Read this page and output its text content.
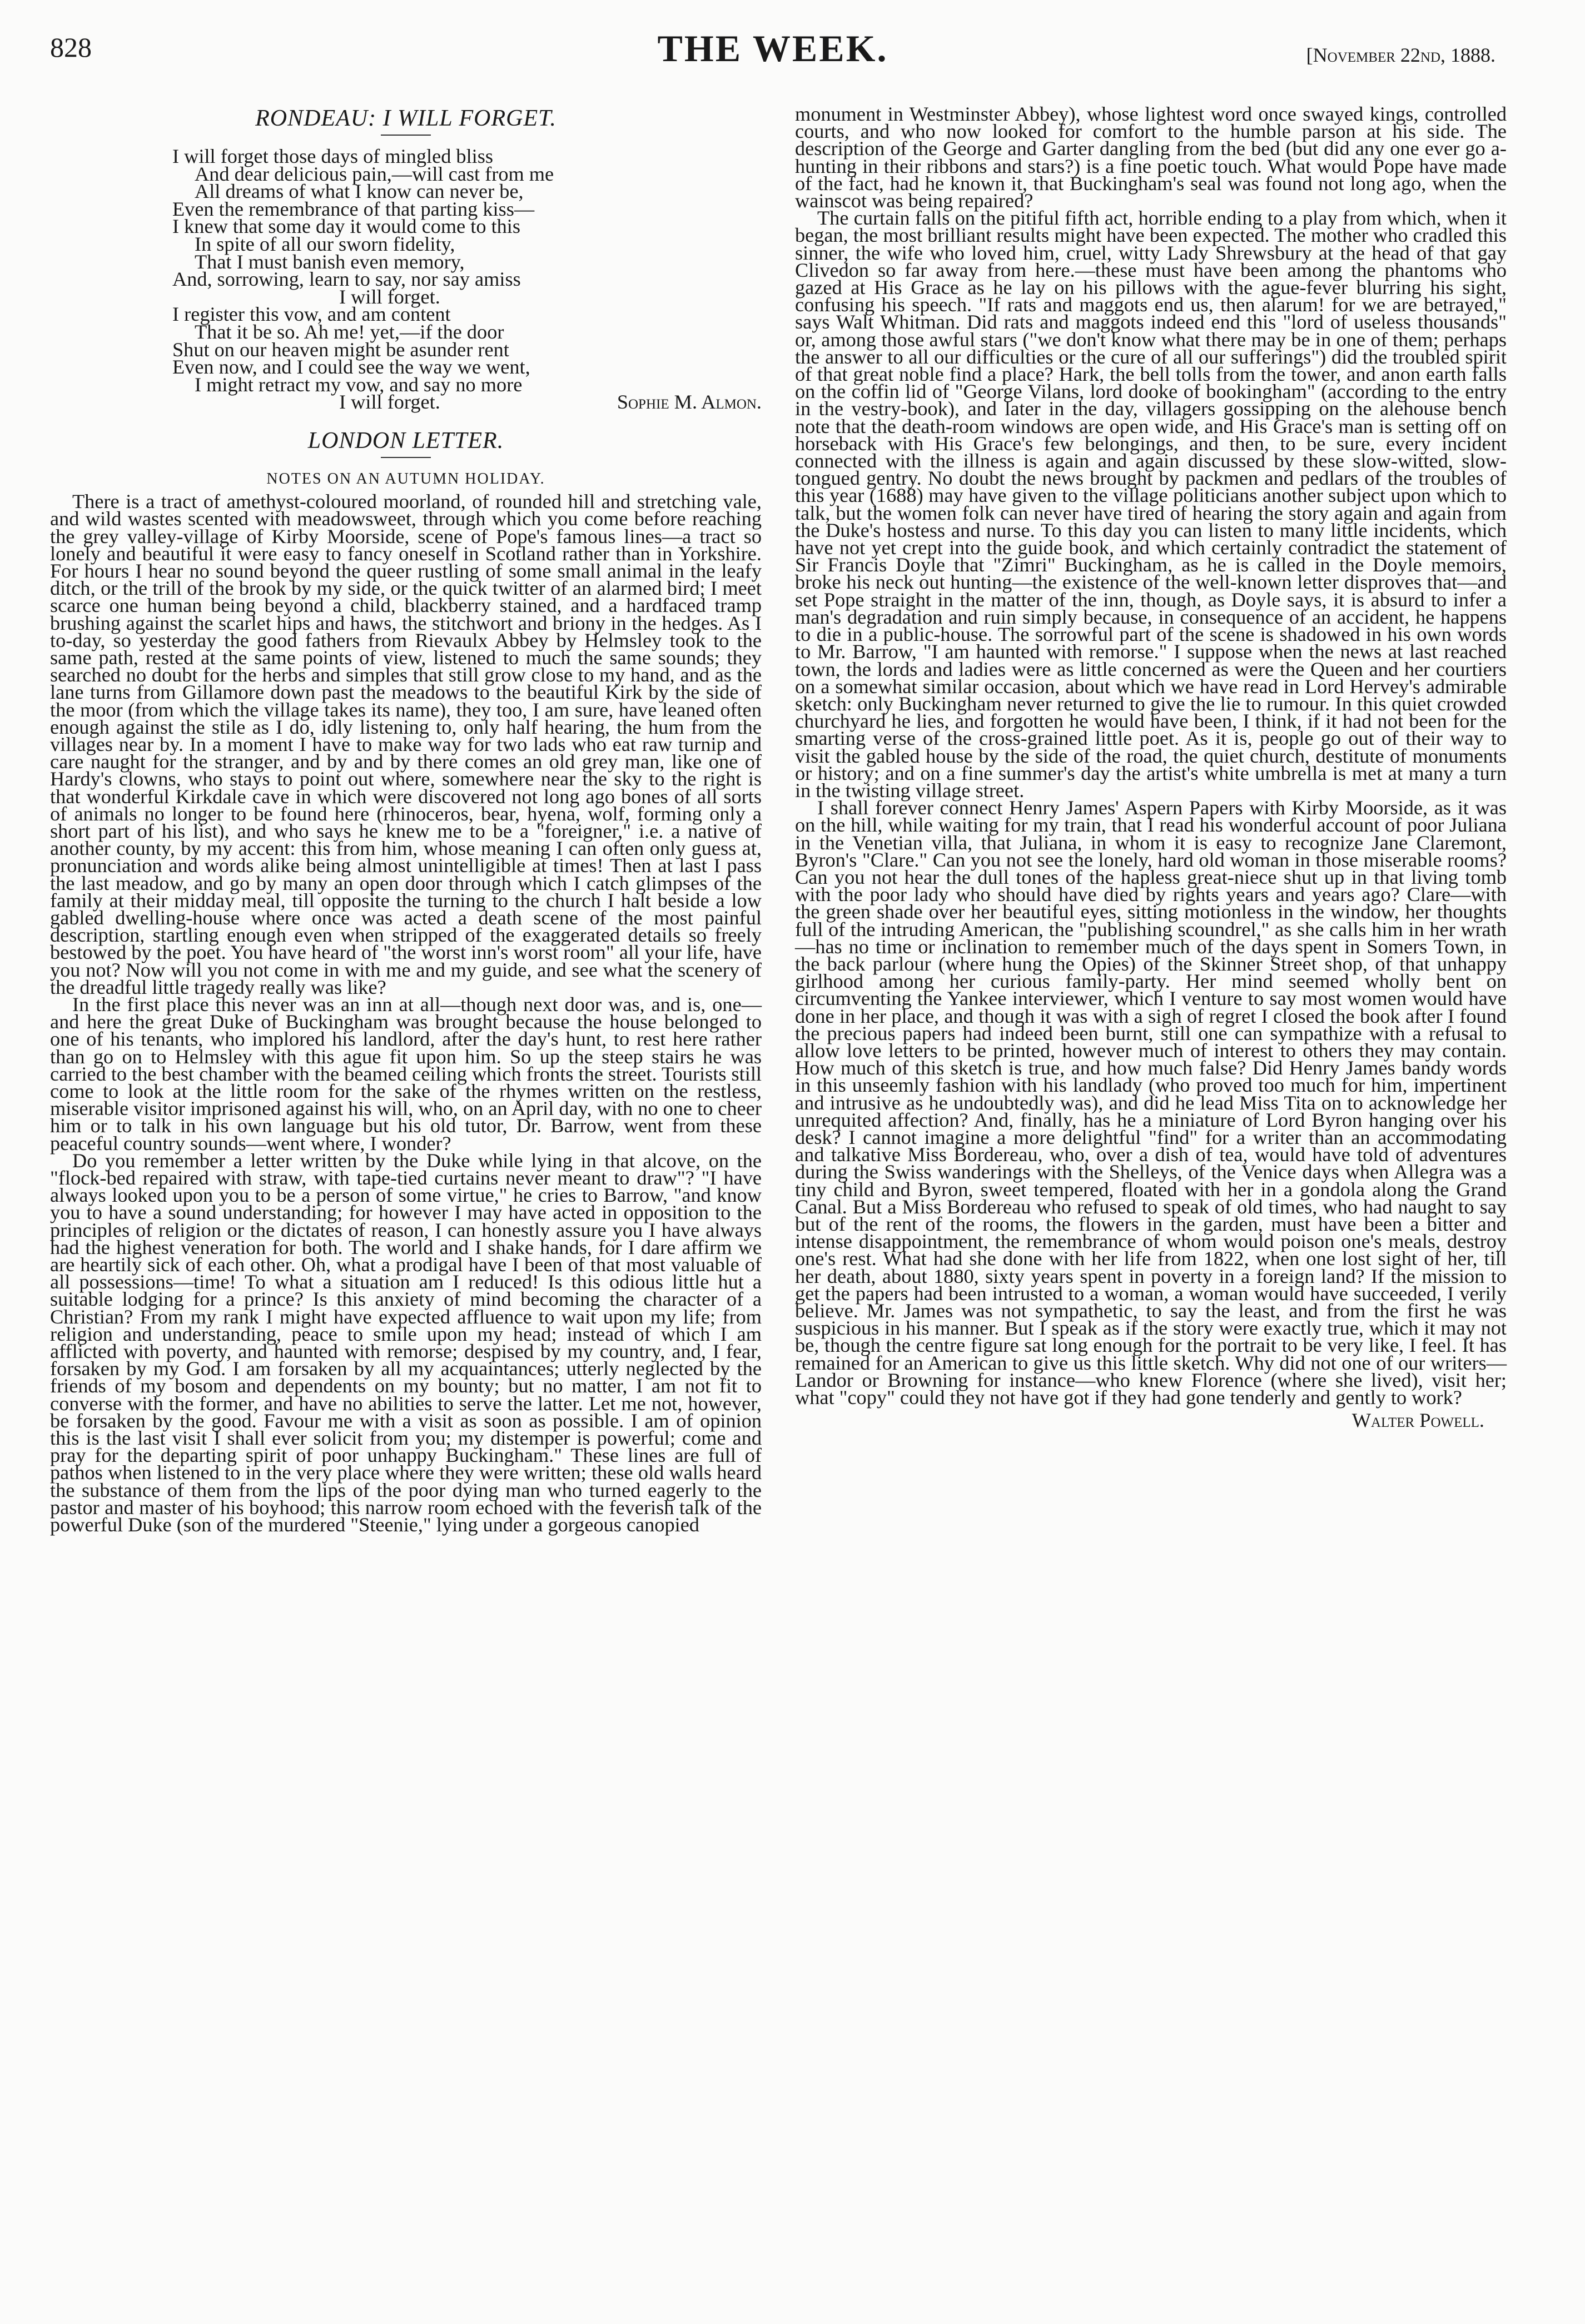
828	THE WEEK.	[November 22nd, 1888.
RONDEAU: I WILL FORGET.
I will forget those days of mingled bliss
And dear delicious pain,—will cast from me
All dreams of what I know can never be,
Even the remembrance of that parting kiss—
I knew that some day it would come to this
In spite of all our sworn fidelity,
That I must banish even memory,
And, sorrowing, learn to say, nor say amiss
I will forget.
I register this vow, and am content
That it be so. Ah me! yet,—if the door
Shut on our heaven might be asunder rent
Even now, and I could see the way we went,
I might retract my vow, and say no more
I will forget.	Sophie M. Almon.
LONDON LETTER.
NOTES ON AN AUTUMN HOLIDAY.

There is a tract of amethyst-coloured moorland, of rounded hill and stretching vale, and wild wastes scented with meadowsweet, through which you come before reaching the grey valley-village of Kirby Moorside, scene of Pope's famous lines—a tract so lonely and beautiful it were easy to fancy oneself in Scotland rather than in Yorkshire. For hours I hear no sound beyond the queer rustling of some small animal in the leafy ditch, or the trill of the brook by my side, or the quick twitter of an alarmed bird; I meet scarce one human being beyond a child, blackberry stained, and a hardfaced tramp brushing against the scarlet hips and haws, the stitchwort and briony in the hedges. As I to-day, so yesterday the good fathers from Rievaulx Abbey by Helmsley took to the same path, rested at the same points of view, listened to much the same sounds; they searched no doubt for the herbs and simples that still grow close to my hand, and as the lane turns from Gillamore down past the meadows to the beautiful Kirk by the side of the moor (from which the village takes its name), they too, I am sure, have leaned often enough against the stile as I do, idly listening to, only half hearing, the hum from the villages near by. In a moment I have to make way for two lads who eat raw turnip and care naught for the stranger, and by and by there comes an old grey man, like one of Hardy's clowns, who stays to point out where, somewhere near the sky to the right is that wonderful Kirkdale cave in which were discovered not long ago bones of all sorts of animals no longer to be found here (rhinoceros, bear, hyena, wolf, forming only a short part of his list), and who says he knew me to be a "foreigner," i.e. a native of another county, by my accent: this from him, whose meaning I can often only guess at, pronunciation and words alike being almost unintelligible at times! Then at last I pass the last meadow, and go by many an open door through which I catch glimpses of the family at their midday meal, till opposite the turning to the church I halt beside a low gabled dwelling-house where once was acted a death scene of the most painful description, startling enough even when stripped of the exaggerated details so freely bestowed by the poet. You have heard of "the worst inn's worst room" all your life, have you not? Now will you not come in with me and my guide, and see what the scenery of the dreadful little tragedy really was like?

In the first place this never was an inn at all—though next door was, and is, one—and here the great Duke of Buckingham was brought because the house belonged to one of his tenants, who implored his landlord, after the day's hunt, to rest here rather than go on to Helmsley with this ague fit upon him. So up the steep stairs he was carried to the best chamber with the beamed ceiling which fronts the street. Tourists still come to look at the little room for the sake of the rhymes written on the restless, miserable visitor imprisoned against his will, who, on an April day, with no one to cheer him or to talk in his own language but his old tutor, Dr. Barrow, went from these peaceful country sounds—went where, I wonder?

Do you remember a letter written by the Duke while lying in that alcove, on the "flock-bed repaired with straw, with tape-tied curtains never meant to draw"? "I have always looked upon you to be a person of some virtue," he cries to Barrow, "and know you to have a sound understanding; for however I may have acted in opposition to the principles of religion or the dictates of reason, I can honestly assure you I have always had the highest veneration for both. The world and I shake hands, for I dare affirm we are heartily sick of each other. Oh, what a prodigal have I been of that most valuable of all possessions—time! To what a situation am I reduced! Is this odious little hut a suitable lodging for a prince? Is this anxiety of mind becoming the character of a Christian? From my rank I might have expected affluence to wait upon my life; from religion and understanding, peace to smile upon my head; instead of which I am afflicted with poverty, and haunted with remorse; despised by my country, and, I fear, forsaken by my God. I am forsaken by all my acquaintances; utterly neglected by the friends of my bosom and dependents on my bounty; but no matter, I am not fit to converse with the former, and have no abilities to serve the latter. Let me not, however, be forsaken by the good. Favour me with a visit as soon as possible. I am of opinion this is the last visit I shall ever solicit from you; my distemper is powerful; come and pray for the departing spirit of poor unhappy Buckingham." These lines are full of pathos when listened to in the very place where they were written; these old walls heard the substance of them from the lips of the poor dying man who turned eagerly to the pastor and master of his boyhood; this narrow room echoed with the feverish talk of the powerful Duke (son of the murdered "Steenie," lying under a gorgeous canopied

monument in Westminster Abbey), whose lightest word once swayed kings, controlled courts, and who now looked for comfort to the humble parson at his side. The description of the George and Garter dangling from the bed (but did any one ever go a-hunting in their ribbons and stars?) is a fine poetic touch. What would Pope have made of the fact, had he known it, that Buckingham's seal was found not long ago, when the wainscot was being repaired?

The curtain falls on the pitiful fifth act, horrible ending to a play from which, when it began, the most brilliant results might have been expected. The mother who cradled this sinner, the wife who loved him, cruel, witty Lady Shrewsbury at the head of that gay Clivedon so far away from here.—these must have been among the phantoms who gazed at His Grace as he lay on his pillows with the ague-fever blurring his sight, confusing his speech. "If rats and maggots end us, then alarum! for we are betrayed," says Walt Whitman. Did rats and maggots indeed end this "lord of useless thousands" or, among those awful stars ("we don't know what there may be in one of them; perhaps the answer to all our difficulties or the cure of all our sufferings") did the troubled spirit of that great noble find a place? Hark, the bell tolls from the tower, and anon earth falls on the coffin lid of "George Vilans, lord dooke of bookingham" (according to the entry in the vestry-book), and later in the day, villagers gossipping on the alehouse bench note that the death-room windows are open wide, and His Grace's man is setting off on horseback with His Grace's few belongings, and then, to be sure, every incident connected with the illness is again and again discussed by these slow-witted, slow-tongued gentry. No doubt the news brought by packmen and pedlars of the troubles of this year (1688) may have given to the village politicians another subject upon which to talk, but the women folk can never have tired of hearing the story again and again from the Duke's hostess and nurse. To this day you can listen to many little incidents, which have not yet crept into the guide book, and which certainly contradict the statement of Sir Francis Doyle that "Zimri" Buckingham, as he is called in the Doyle memoirs, broke his neck out hunting—the existence of the well-known letter disproves that—and set Pope straight in the matter of the inn, though, as Doyle says, it is absurd to infer a man's degradation and ruin simply because, in consequence of an accident, he happens to die in a public-house. The sorrowful part of the scene is shadowed in his own words to Mr. Barrow, "I am haunted with remorse." I suppose when the news at last reached town, the lords and ladies were as little concerned as were the Queen and her courtiers on a somewhat similar occasion, about which we have read in Lord Hervey's admirable sketch: only Buckingham never returned to give the lie to rumour. In this quiet crowded churchyard he lies, and forgotten he would have been, I think, if it had not been for the smarting verse of the cross-grained little poet. As it is, people go out of their way to visit the gabled house by the side of the road, the quiet church, destitute of monuments or history; and on a fine summer's day the artist's white umbrella is met at many a turn in the twisting village street.

I shall forever connect Henry James' Aspern Papers with Kirby Moorside, as it was on the hill, while waiting for my train, that I read his wonderful account of poor Juliana in the Venetian villa, that Juliana, in whom it is easy to recognize Jane Claremont, Byron's "Clare." Can you not see the lonely, hard old woman in those miserable rooms? Can you not hear the dull tones of the hapless great-niece shut up in that living tomb with the poor lady who should have died by rights years and years ago? Clare—with the green shade over her beautiful eyes, sitting motionless in the window, her thoughts full of the intruding American, the "publishing scoundrel," as she calls him in her wrath—has no time or inclination to remember much of the days spent in Somers Town, in the back parlour (where hung the Opies) of the Skinner Street shop, of that unhappy girlhood among her curious family-party. Her mind seemed wholly bent on circumventing the Yankee interviewer, which I venture to say most women would have done in her place, and though it was with a sigh of regret I closed the book after I found the precious papers had indeed been burnt, still one can sympathize with a refusal to allow love letters to be printed, however much of interest to others they may contain. How much of this sketch is true, and how much false? Did Henry James bandy words in this unseemly fashion with his landlady (who proved too much for him, impertinent and intrusive as he undoubtedly was), and did he lead Miss Tita on to acknowledge her unrequited affection? And, finally, has he a miniature of Lord Byron hanging over his desk? I cannot imagine a more delightful "find" for a writer than an accommodating and talkative Miss Bordereau, who, over a dish of tea, would have told of adventures during the Swiss wanderings with the Shelleys, of the Venice days when Allegra was a tiny child and Byron, sweet tempered, floated with her in a gondola along the Grand Canal. But a Miss Bordereau who refused to speak of old times, who had naught to say but of the rent of the rooms, the flowers in the garden, must have been a bitter and intense disappointment, the remembrance of whom would poison one's meals, destroy one's rest. What had she done with her life from 1822, when one lost sight of her, till her death, about 1880, sixty years spent in poverty in a foreign land? If the mission to get the papers had been intrusted to a woman, a woman would have succeeded, I verily believe. Mr. James was not sympathetic, to say the least, and from the first he was suspicious in his manner. But I speak as if the story were exactly true, which it may not be, though the centre figure sat long enough for the portrait to be very like, I feel. It has remained for an American to give us this little sketch. Why did not one of our writers—Landor or Browning for instance—who knew Florence (where she lived), visit her; what "copy" could they not have got if they had gone tenderly and gently to work?

Walter Powell.
